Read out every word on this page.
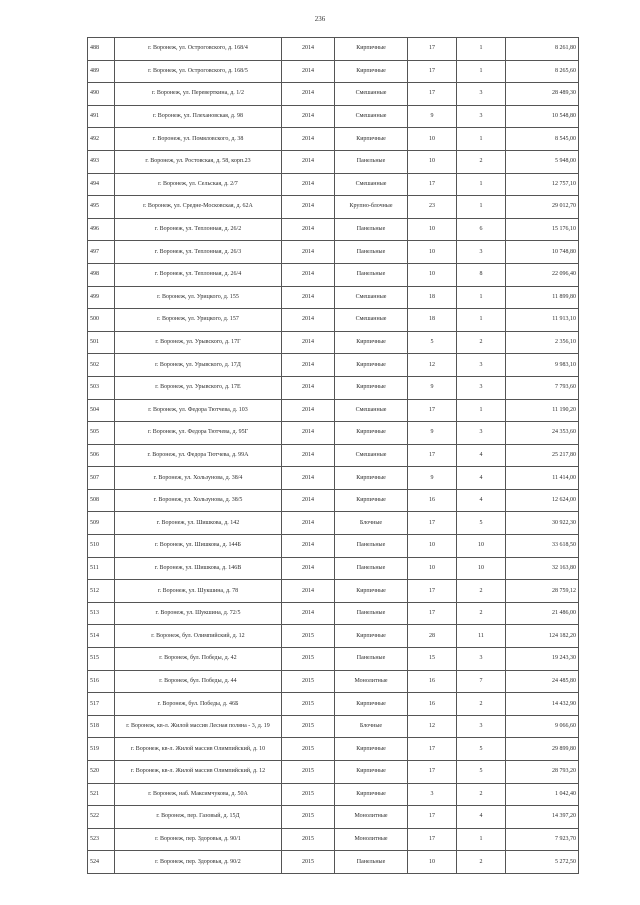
236
488	г. Воронеж, ул. Остроговского, д. 168/4	2014	Кирпичные	17	1	8 261,80
489	г. Воронеж, ул. Остроговского, д. 168/5	2014	Кирпичные	17	1	8 265,60
490	г. Воронеж, ул. Переверткина, д. 1/2	2014	Смешанные	17	3	28 489,30
491	г. Воронеж, ул. Плехановская, д. 98	2014	Смешанные	9	3	10 548,80
492	г. Воронеж, ул. Помяловского, д. 38	2014	Кирпичные	10	1	8 545,00
493	г. Воронеж, ул. Ростовская, д. 58, корп.23	2014	Панельные	10	2	5 948,00
494	г. Воронеж, ул. Сельская, д. 2/7	2014	Смешанные	17	1	12 757,10
495	г. Воронеж, ул. Средне-Московская, д. 62А	2014	Крупно-блочные	23	1	29 012,70
496	г. Воронеж, ул. Теплонная, д. 26/2	2014	Панельные	10	6	15 176,10
497	г. Воронеж, ул. Теплонная, д. 26/3	2014	Панельные	10	3	10 748,80
498	г. Воронеж, ул. Теплонная, д. 26/4	2014	Панельные	10	8	22 096,40
499	г. Воронеж, ул. Урицкого, д. 155	2014	Смешанные	18	1	11 899,80
500	г. Воронеж, ул. Урицкого, д. 157	2014	Смешанные	18	1	11 913,10
501	г. Воронеж, ул. Урывского, д. 17Г	2014	Кирпичные	5	2	2 356,10
502	г. Воронеж, ул. Урывского, д. 17Д	2014	Кирпичные	12	3	9 983,10
503	г. Воронеж, ул. Урывского, д. 17Е	2014	Кирпичные	9	3	7 793,60
504	г. Воронеж, ул. Федора Тютчева, д. 103	2014	Смешанные	17	1	11 190,20
505	г. Воронеж, ул. Федора Тютчева, д. 95Г	2014	Кирпичные	9	3	24 353,60
506	г. Воронеж, ул. Федора Тютчева, д. 99А	2014	Смешанные	17	4	25 217,80
507	г. Воронеж, ул. Хользунова, д. 38/4	2014	Кирпичные	9	4	11 414,00
508	г. Воронеж, ул. Хользунова, д. 38/5	2014	Кирпичные	16	4	12 624,00
509	г. Воронеж, ул. Шишкова, д. 142	2014	Блочные	17	5	30 922,30
510	г. Воронеж, ул. Шишкова, д. 144Б	2014	Панельные	10	10	33 618,50
511	г. Воронеж, ул. Шишкова, д. 146В	2014	Панельные	10	10	32 163,80
512	г. Воронеж, ул. Шукшина, д. 78	2014	Кирпичные	17	2	28 759,12
513	г. Воронеж, ул. Шукшина, д. 72/5	2014	Панельные	17	2	21 486,00
514	г. Воронеж, бул. Олимпийский, д. 12	2015	Кирпичные	28	11	124 182,20
515	г. Воронеж, бул. Победы, д. 42	2015	Панельные	15	3	19 243,30
516	г. Воронеж, бул. Победы, д. 44	2015	Монолитные	16	7	24 485,80
517	г. Воронеж, бул. Победы, д. 46Б	2015	Кирпичные	16	2	14 432,90
518	г. Воронеж, кв-л. Жилой массив Лесная поляна - 3, д. 19	2015	Блочные	12	3	9 066,60
519	г. Воронеж, кв-л. Жилой массив Олимпийский, д. 10	2015	Кирпичные	17	5	29 899,80
520	г. Воронеж, кв-л. Жилой массив Олимпийский, д. 12	2015	Кирпичные	17	5	28 793,20
521	г. Воронеж, наб. Максимчукова, д. 50А	2015	Кирпичные	3	2	1 042,40
522	г. Воронеж, пер. Газовый, д. 15Д	2015	Монолитные	17	4	14 397,20
523	г. Воронеж, пер. Здоровья, д. 90/1	2015	Монолитные	17	1	7 923,70
524	г. Воронеж, пер. Здоровья, д. 90/2	2015	Панельные	10	2	5 272,50
